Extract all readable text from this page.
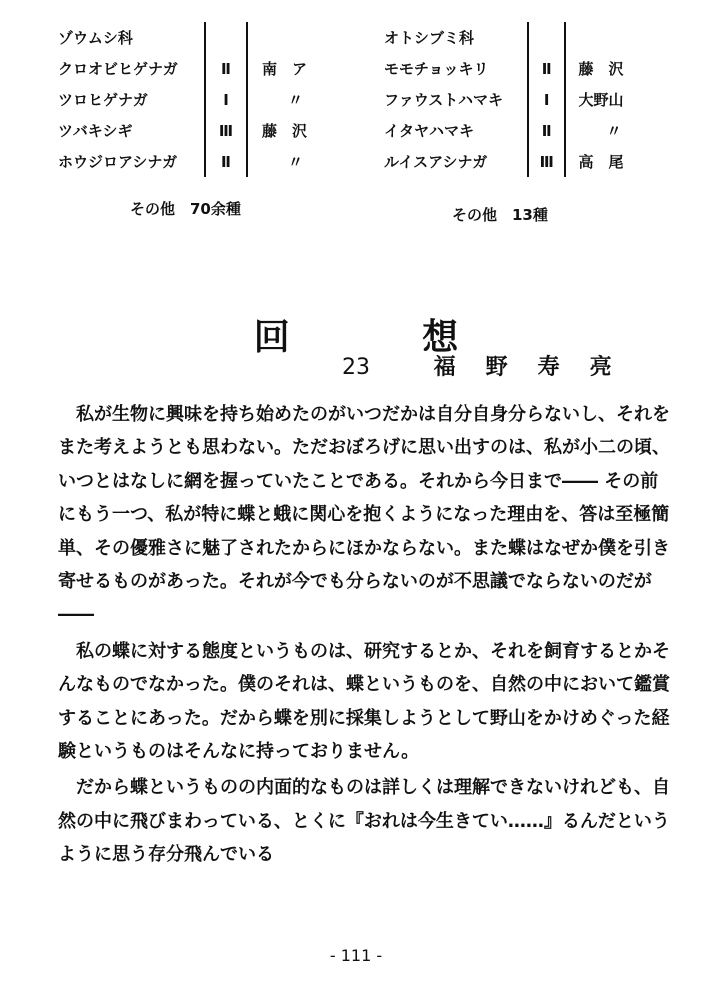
ゾウムシ科		
クロオビヒゲナガ	Ⅱ	南　ア
ツロヒゲナガ	Ⅰ	〃
ツバキシギ	Ⅲ	藤　沢
ホウジロアシナガ	Ⅱ	〃
その他　70余種
オトシブミ科		
モモチョッキリ	Ⅱ	藤　沢
ファウストハマキ	Ⅰ	大野山
イタヤハマキ	Ⅱ	〃
ルイスアシナガ	Ⅲ	高　尾
その他　13種
回 想
23	福野寿亮

私が生物に興味を持ち始めたのがいつだかは自分自身分らないし、それをまた考えようとも思わない。ただおぼろげに思い出すのは、私が小二の頃、いつとはなしに網を握っていたことである。それから今日まで―― その前にもう一つ、私が特に蝶と蛾に関心を抱くようになった理由を、答は至極簡単、その優雅さに魅了されたからにほかならない。また蝶はなぜか僕を引き寄せるものがあった。それが今でも分らないのが不思議でならないのだが――

私の蝶に対する態度というものは、研究するとか、それを飼育するとかそんなものでなかった。僕のそれは、蝶というものを、自然の中において鑑賞することにあった。だから蝶を別に採集しようとして野山をかけめぐった経験というものはそんなに持っておりません。

だから蝶というものの内面的なものは詳しくは理解できないけれども、自然の中に飛びまわっている、とくに『おれは今生きてい……』るんだというように思う存分飛んでいる

- 111 -
